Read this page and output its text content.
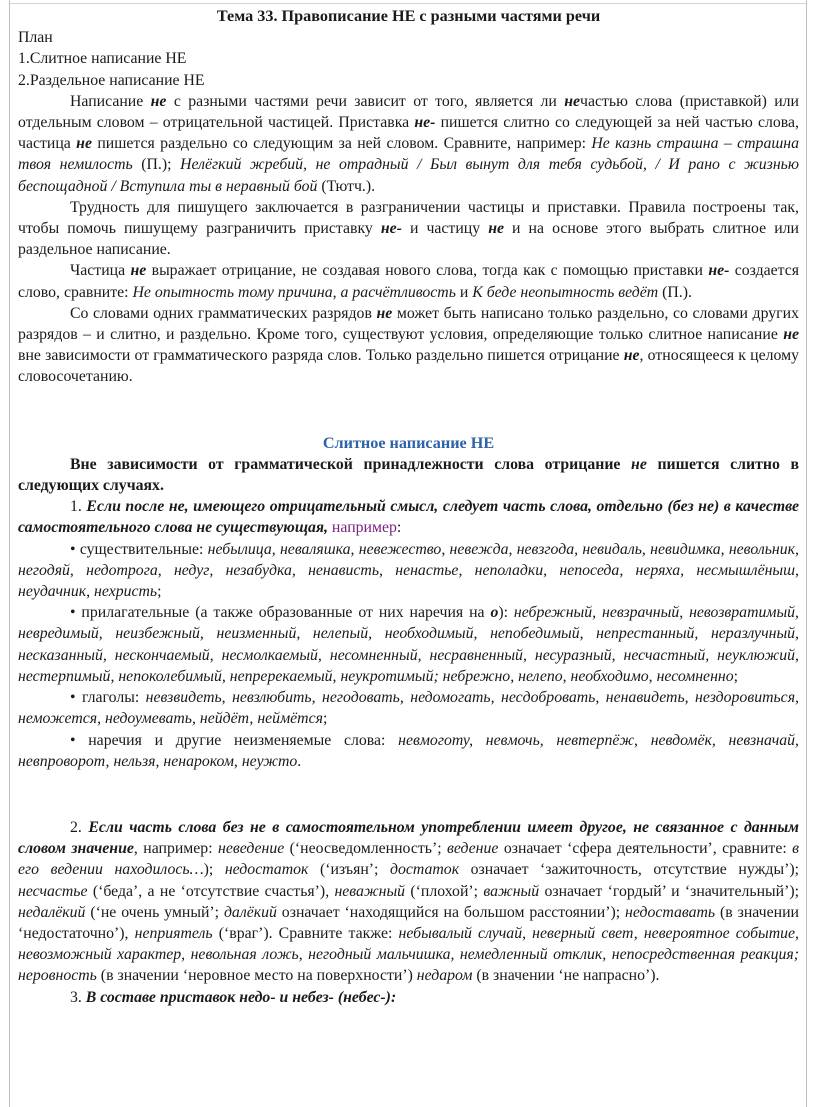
Тема 33. Правописание НЕ с разными частями речи

План

1.Слитное написание НЕ

2.Раздельное написание НЕ

Написание не с разными частями речи зависит от того, является ли нечастью слова (приставкой) или отдельным словом – отрицательной частицей. Приставка не- пишется слитно со следующей за ней частью слова, частица не пишется раздельно со следующим за ней словом. Сравните, например: Не казнь страшна – страшна твоя немилость (П.); Нелёгкий жребий, не отрадный / Был вынут для тебя судьбой, / И рано с жизнью беспощадной / Вступила ты в неравный бой (Тютч.).

Трудность для пишущего заключается в разграничении частицы и приставки. Правила построены так, чтобы помочь пишущему разграничить приставку не- и частицу не и на основе этого выбрать слитное или раздельное написание.

Частица не выражает отрицание, не создавая нового слова, тогда как с помощью приставки не- создается слово, сравните: Не опытность тому причина, а расчётливость и К беде неопытность ведёт (П.).

Со словами одних грамматических разрядов не может быть написано только раздельно, со словами других разрядов – и слитно, и раздельно. Кроме того, существуют условия, определяющие только слитное написание не вне зависимости от грамматического разряда слов. Только раздельно пишется отрицание не, относящееся к целому словосочетанию.

Слитное написание НЕ

Вне зависимости от грамматической принадлежности слова отрицание не пишется слитно в следующих случаях.

1. Если после не, имеющего отрицательный смысл, следует часть слова, отдельно (без не) в качестве самостоятельного слова не существующая, например:

• существительные: небылица, неваляшка, невежество, невежда, невзгода, невидаль, невидимка, невольник, негодяй, недотрога, недуг, незабудка, ненависть, ненастье, неполадки, непоседа, неряха, несмышлёныш, неудачник, нехристь;

• прилагательные (а также образованные от них наречия на о): небрежный, невзрачный, невозвратимый, невредимый, неизбежный, неизменный, нелепый, необходимый, непобедимый, непрестанный, неразлучный, несказанный, нескончаемый, несмолкаемый, несомненный, несравненный, несуразный, несчастный, неуклюжий, нестерпимый, непоколебимый, непререкаемый, неукротимый; небрежно, нелепо, необходимо, несомненно;

• глаголы: невзвидеть, невзлюбить, негодовать, недомогать, несдобровать, ненавидеть, нездоровиться, неможется, недоумевать, нейдёт, неймётся;

• наречия и другие неизменяемые слова: невмоготу, невмочь, невтерпёж, невдомёк, невзначай, невпроворот, нельзя, ненароком, неужто.

2. Если часть слова без не в самостоятельном употреблении имеет другое, не связанное с данным словом значение, например: неведение (‘неосведомленность’; ведение означает ‘сфера деятельности’, сравните: в его ведении находилось…); недостаток (‘изъян’; достаток означает ‘зажиточность, отсутствие нужды’); несчастье (‘беда’, а не ‘отсутствие счастья’), неважный (‘плохой’; важный означает ‘гордый’ и ‘значительный’); недалёкий (‘не очень умный’; далёкий означает ‘находящийся на большом расстоянии’); недоставать (в значении ‘недостаточно’), неприятель (‘враг’). Сравните также: небывалый случай, неверный свет, невероятное событие, невозможный характер, невольная ложь, негодный мальчишка, немедленный отклик, непосредственная реакция; неровность (в значении ‘неровное место на поверхности’) недаром (в значении ‘не напрасно’).

3. В составе приставок недо- и небез- (небес-):
